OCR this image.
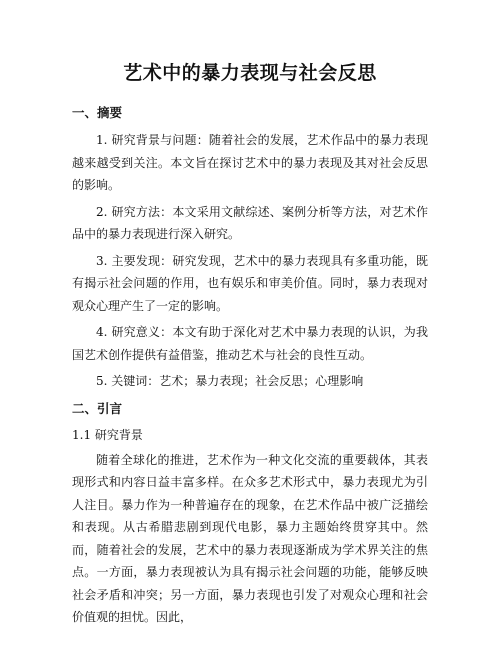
艺术中的暴力表现与社会反思
一、摘要
1. 研究背景与问题：随着社会的发展，艺术作品中的暴力表现越来越受到关注。本文旨在探讨艺术中的暴力表现及其对社会反思的影响。
2. 研究方法：本文采用文献综述、案例分析等方法，对艺术作品中的暴力表现进行深入研究。
3. 主要发现：研究发现，艺术中的暴力表现具有多重功能，既有揭示社会问题的作用，也有娱乐和审美价值。同时，暴力表现对观众心理产生了一定的影响。
4. 研究意义：本文有助于深化对艺术中暴力表现的认识，为我国艺术创作提供有益借鉴，推动艺术与社会的良性互动。
5. 关键词：艺术；暴力表现；社会反思；心理影响
二、引言
1.1 研究背景
随着全球化的推进，艺术作为一种文化交流的重要载体，其表现形式和内容日益丰富多样。在众多艺术形式中，暴力表现尤为引人注目。暴力作为一种普遍存在的现象，在艺术作品中被广泛描绘和表现。从古希腊悲剧到现代电影，暴力主题始终贯穿其中。然而，随着社会的发展，艺术中的暴力表现逐渐成为学术界关注的焦点。一方面，暴力表现被认为具有揭示社会问题的功能，能够反映社会矛盾和冲突；另一方面，暴力表现也引发了对观众心理和社会价值观的担忧。因此，
